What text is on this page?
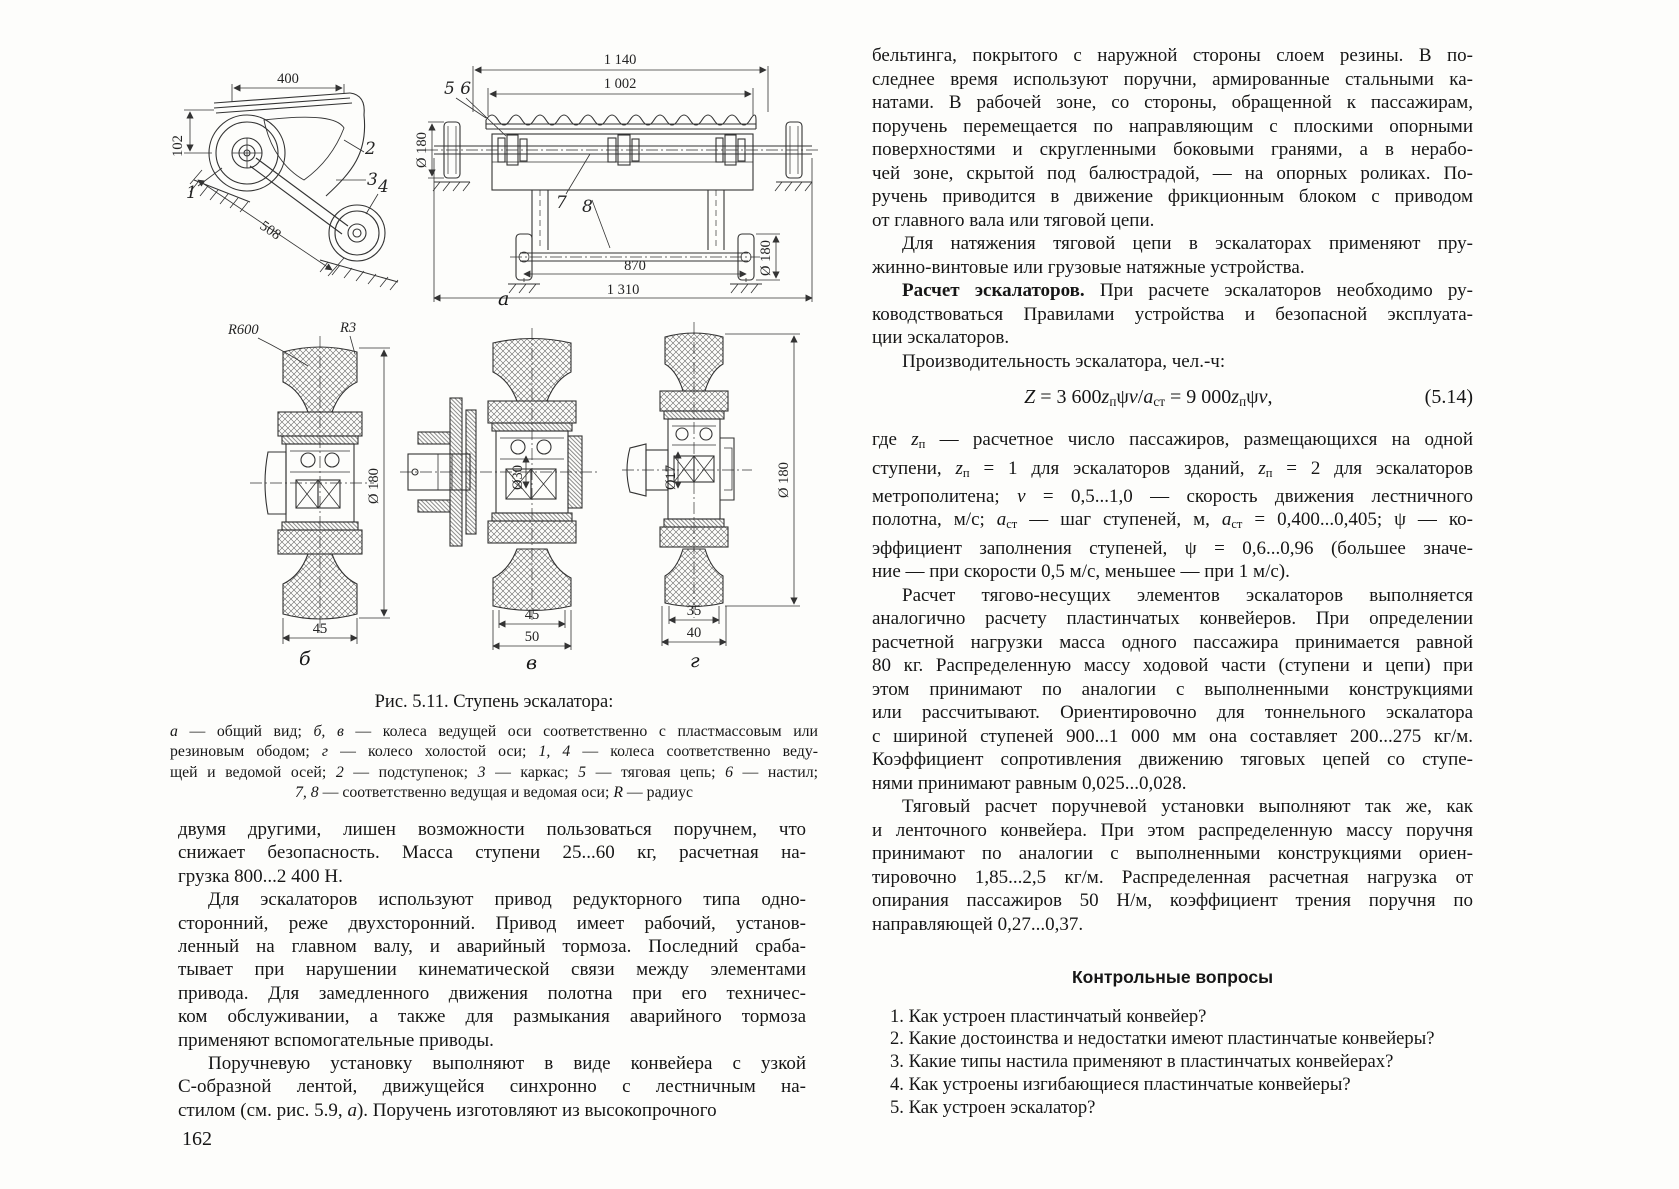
400
102
508
1
2
3 4
1 140
1 002
Ø 180
Ø 180
870
1 310
5 6
7 8
R600	R3
Ø 180
45
Ø30
45
50
Ø17	Ø 180
35
40
а
б	в	г
Рис. 5.11. Ступень эскалатора:
а — общий вид; б, в — колеса ведущей оси соответственно с пластмассовым или
резиновым ободом; г — колесо холостой оси; 1, 4 — колеса соответственно веду-
щей и ведомой осей; 2 — подступенок; 3 — каркас; 5 — тяговая цепь; 6 — настил;
7, 8 — соответственно ведущая и ведомая оси; R — радиус
двумя другими, лишен возможности пользоваться поручнем, что
снижает безопасность. Масса ступени 25...60 кг, расчетная на-
грузка 800...2 400 Н.
Для эскалаторов используют привод редукторного типа одно-
сторонний, реже двухсторонний. Привод имеет рабочий, установ-
ленный на главном валу, и аварийный тормоза. Последний сраба-
тывает при нарушении кинематической связи между элементами
привода. Для замедленного движения полотна при его техничес-
ком обслуживании, а также для размыкания аварийного тормоза
применяют вспомогательные приводы.
Поручневую установку выполняют в виде конвейера с узкой
С-образной лентой, движущейся синхронно с лестничным на-
стилом (см. рис. 5.9, а). Поручень изготовляют из высокопрочного
162
бельтинга, покрытого с наружной стороны слоем резины. В по-
следнее время используют поручни, армированные стальными ка-
натами. В рабочей зоне, со стороны, обращенной к пассажирам,
поручень перемещается по направляющим с плоскими опорными
поверхностями и скругленными боковыми гранями, а в нерабо-
чей зоне, скрытой под балюстрадой, — на опорных роликах. По-
ручень приводится в движение фрикционным блоком с приводом
от главного вала или тяговой цепи.
Для натяжения тяговой цепи в эскалаторах применяют пру-
жинно-винтовые или грузовые натяжные устройства.
Расчет эскалаторов. При расчете эскалаторов необходимо ру-
ководствоваться Правилами устройства и безопасной эксплуата-
ции эскалаторов.
Производительность эскалатора, чел.-ч:
Z = 3 $600z_п\psi v/a_{ст} = 9$ $000z_п\psi v$,	(5.14)
где $z_п$ — расчетное число пассажиров, размещающихся на одной
ступени, $z_п = 1$ для эскалаторов зданий, $z_п = 2$ для эскалаторов
метрополитена; v = 0,5...1,0 — скорость движения лестничного
полотна, м/с; $a_{ст}$ — шаг ступеней, м, $a_{ст} = 0,400...0,405$; ψ — ко-
эффициент заполнения ступеней, ψ = 0,6...0,96 (большее значе-
ние — при скорости 0,5 м/с, меньшее — при 1 м/с).
Расчет тягово-несущих элементов эскалаторов выполняется
аналогично расчету пластинчатых конвейеров. При определении
расчетной нагрузки масса одного пассажира принимается равной
80 кг. Распределенную массу ходовой части (ступени и цепи) при
этом принимают по аналогии с выполненными конструкциями
или рассчитывают. Ориентировочно для тоннельного эскалатора
с шириной ступеней 900...1 000 мм она составляет 200...275 кг/м.
Коэффициент сопротивления движению тяговых цепей со ступе-
нями принимают равным 0,025...0,028.
Тяговый расчет поручневой установки выполняют так же, как
и ленточного конвейера. При этом распределенную массу поручня
принимают по аналогии с выполненными конструкциями ориен-
тировочно 1,85...2,5 кг/м. Распределенная расчетная нагрузка от
опирания пассажиров 50 Н/м, коэффициент трения поручня по
направляющей 0,27...0,37.
Контрольные вопросы
1. Как устроен пластинчатый конвейер?
2. Какие достоинства и недостатки имеют пластинчатые конвейеры?
3. Какие типы настила применяют в пластинчатых конвейерах?
4. Как устроены изгибающиеся пластинчатые конвейеры?
5. Как устроен эскалатор?
